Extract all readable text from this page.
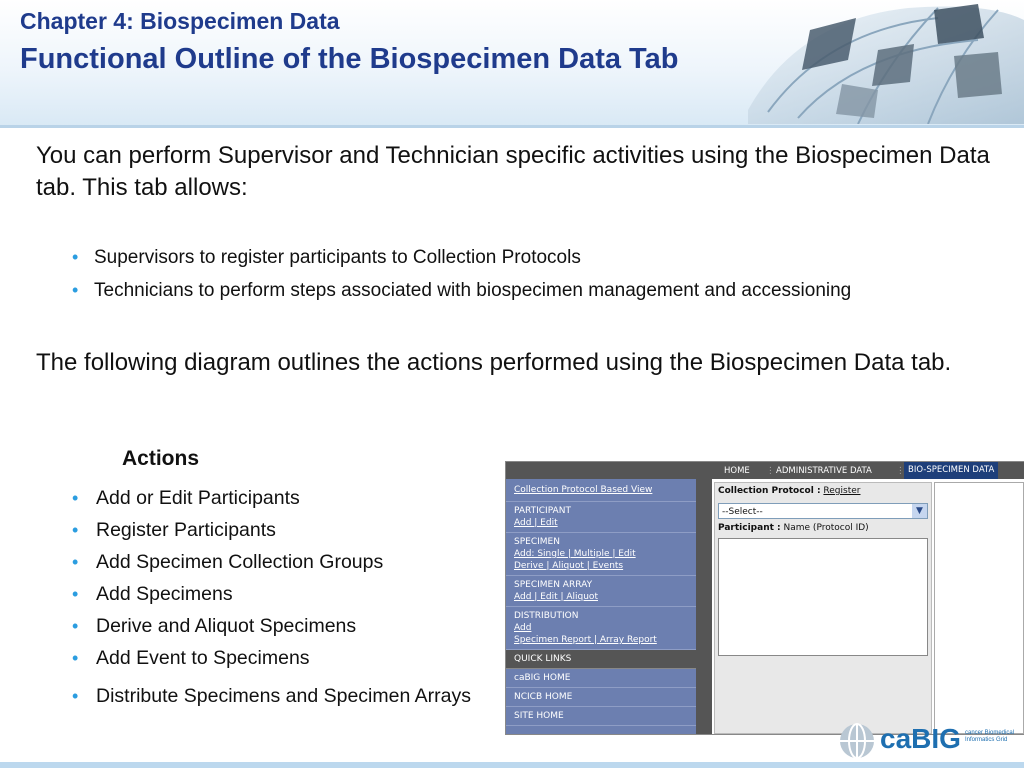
Chapter 4: Biospecimen Data
Functional Outline of the Biospecimen Data Tab
You can perform Supervisor and Technician specific activities using the Biospecimen Data tab. This tab allows:
• Supervisors to register participants to Collection Protocols
• Technicians to perform steps associated with biospecimen management and accessioning
The following diagram outlines the actions performed using the Biospecimen Data tab.
Actions
• Add or Edit Participants
• Register Participants
• Add Specimen Collection Groups
• Add Specimens
• Derive and Aliquot Specimens
• Add Event to Specimens
• Distribute Specimens and Specimen Arrays
Collection Protocol Based View
PARTICIPANT
Add | Edit
SPECIMEN
Add: Single | Multiple | Edit
Derive | Aliquot | Events
SPECIMEN ARRAY
Add | Edit | Aliquot
DISTRIBUTION
Add
Specimen Report | Array Report
QUICK LINKS
caBIG HOME
NCICB HOME
SITE HOME
HOME ⋮ ADMINISTRATIVE DATA	⋮ BIO-SPECIMEN DATA
Collection Protocol : Register
--Select--	▼
Participant : Name (Protocol ID)
caBIG cancer Biomedical Informatics Grid
